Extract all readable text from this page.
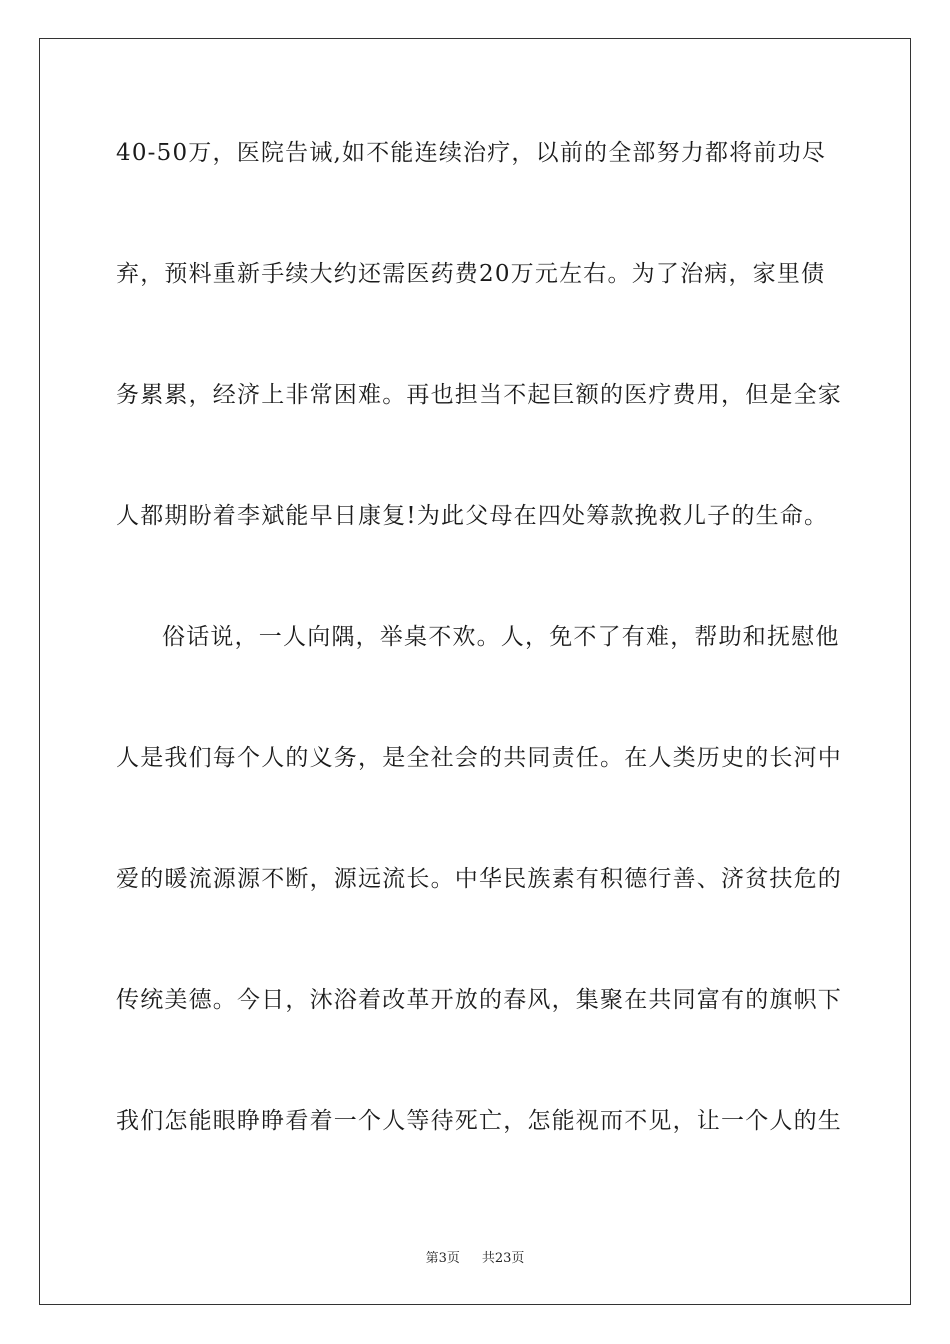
40-50万，医院告诫,如不能连续治疗，以前的全部努力都将前功尽
弃，预料重新手续大约还需医药费20万元左右。为了治病，家里债
务累累，经济上非常困难。再也担当不起巨额的医疗费用，但是全家
人都期盼着李斌能早日康复!为此父母在四处筹款挽救儿子的生命。
俗话说，一人向隅，举桌不欢。人，免不了有难，帮助和抚慰他
人是我们每个人的义务，是全社会的共同责任。在人类历史的长河中
爱的暖流源源不断，源远流长。中华民族素有积德行善、济贫扶危的
传统美德。今日，沐浴着改革开放的春风，集聚在共同富有的旗帜下
我们怎能眼睁睁看着一个人等待死亡，怎能视而不见，让一个人的生
第3页 共23页
